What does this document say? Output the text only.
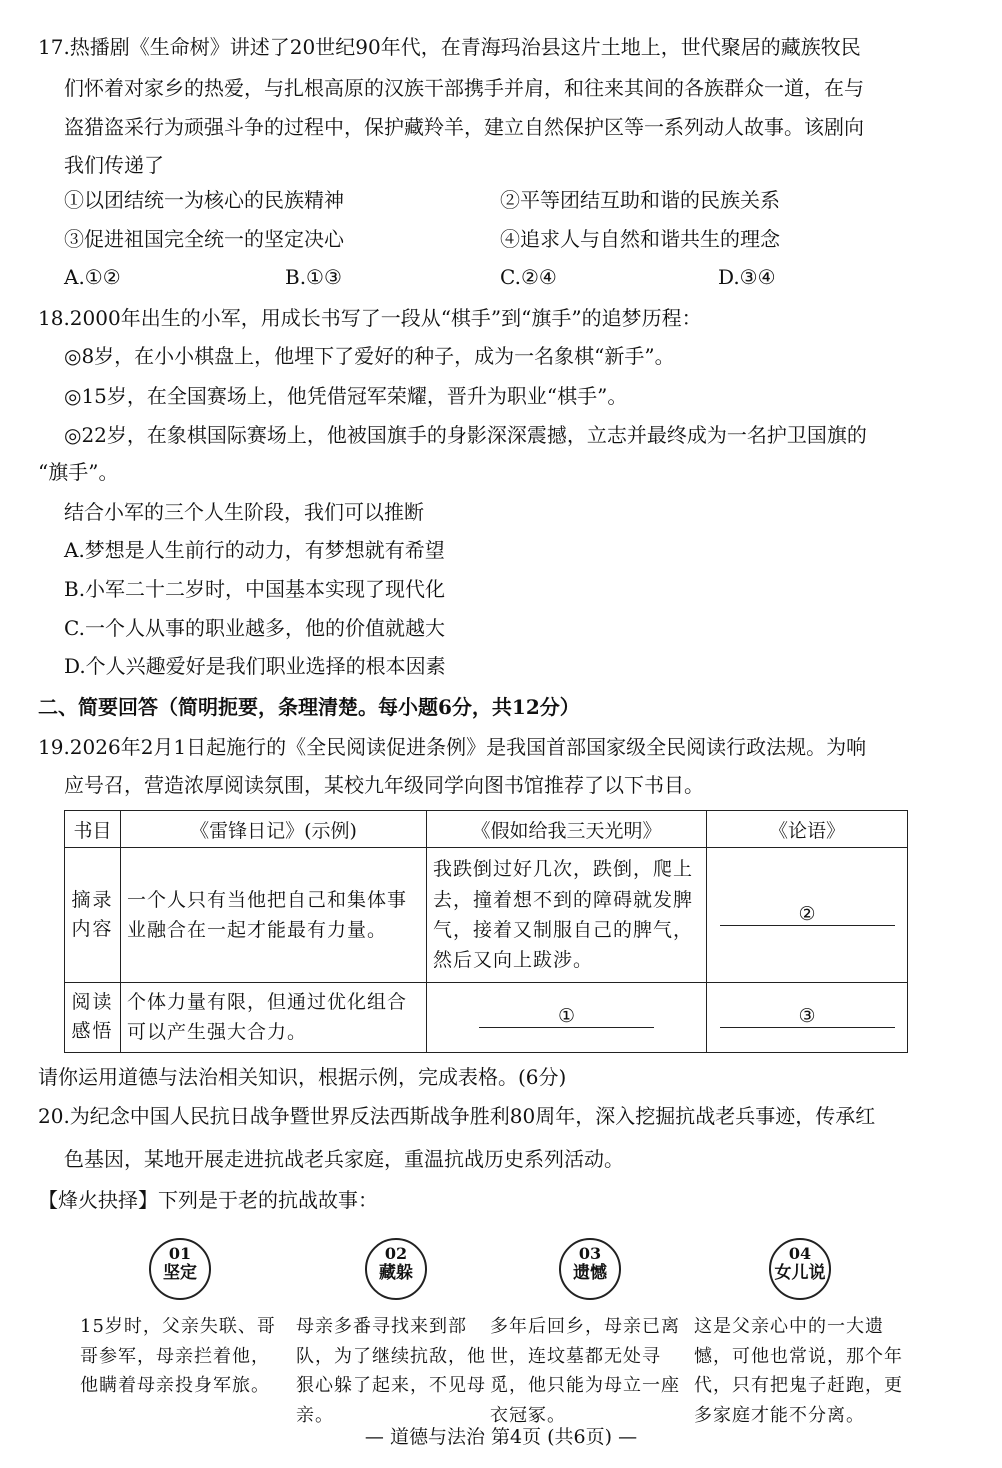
17.热播剧《生命树》讲述了20世纪90年代，在青海玛治县这片土地上，世代聚居的藏族牧民
们怀着对家乡的热爱，与扎根高原的汉族干部携手并肩，和往来其间的各族群众一道，在与
盗猎盗采行为顽强斗争的过程中，保护藏羚羊，建立自然保护区等一系列动人故事。该剧向
我们传递了
①以团结统一为核心的民族精神	②平等团结互助和谐的民族关系
③促进祖国完全统一的坚定决心	④追求人与自然和谐共生的理念
A.①②	B.①③	C.②④	D.③④
18.2000年出生的小军，用成长书写了一段从“棋手”到“旗手”的追梦历程：
◎8岁，在小小棋盘上，他埋下了爱好的种子，成为一名象棋“新手”。
◎15岁，在全国赛场上，他凭借冠军荣耀，晋升为职业“棋手”。
◎22岁，在象棋国际赛场上，他被国旗手的身影深深震撼，立志并最终成为一名护卫国旗的
“旗手”。
结合小军的三个人生阶段，我们可以推断
A.梦想是人生前行的动力，有梦想就有希望
B.小军二十二岁时，中国基本实现了现代化
C.一个人从事的职业越多，他的价值就越大
D.个人兴趣爱好是我们职业选择的根本因素
二、简要回答（简明扼要，条理清楚。每小题6分，共12分）
19.2026年2月1日起施行的《全民阅读促进条例》是我国首部国家级全民阅读行政法规。为响
应号召，营造浓厚阅读氛围，某校九年级同学向图书馆推荐了以下书目。
书目	《雷锋日记》(示例)	《假如给我三天光明》	《论语》
摘录内容	一个人只有当他把自己和集体事业融合在一起才能最有力量。	我跌倒过好几次，跌倒，爬上去，撞着想不到的障碍就发脾气，接着又制服自己的脾气，然后又向上跋涉。	②

阅读感悟	个体力量有限，但通过优化组合可以产生强大合力。	①	③
请你运用道德与法治相关知识，根据示例，完成表格。(6分)
20.为纪念中国人民抗日战争暨世界反法西斯战争胜利80周年，深入挖掘抗战老兵事迹，传承红
色基因，某地开展走进抗战老兵家庭，重温抗战历史系列活动。
【烽火抉择】下列是于老的抗战故事：
01
坚定
15岁时，父亲失联、哥哥参军，母亲拦着他，他瞒着母亲投身军旅。
02
藏躲
母亲多番寻找来到部队，为了继续抗敌，他狠心躲了起来，不见母亲。
03
遗憾
多年后回乡，母亲已离世，连坟墓都无处寻觅，他只能为母立一座衣冠冢。
04
女儿说
这是父亲心中的一大遗憾，可他也常说，那个年代，只有把鬼子赶跑，更多家庭才能不分离。
— 道德与法治 第4页 (共6页) —
